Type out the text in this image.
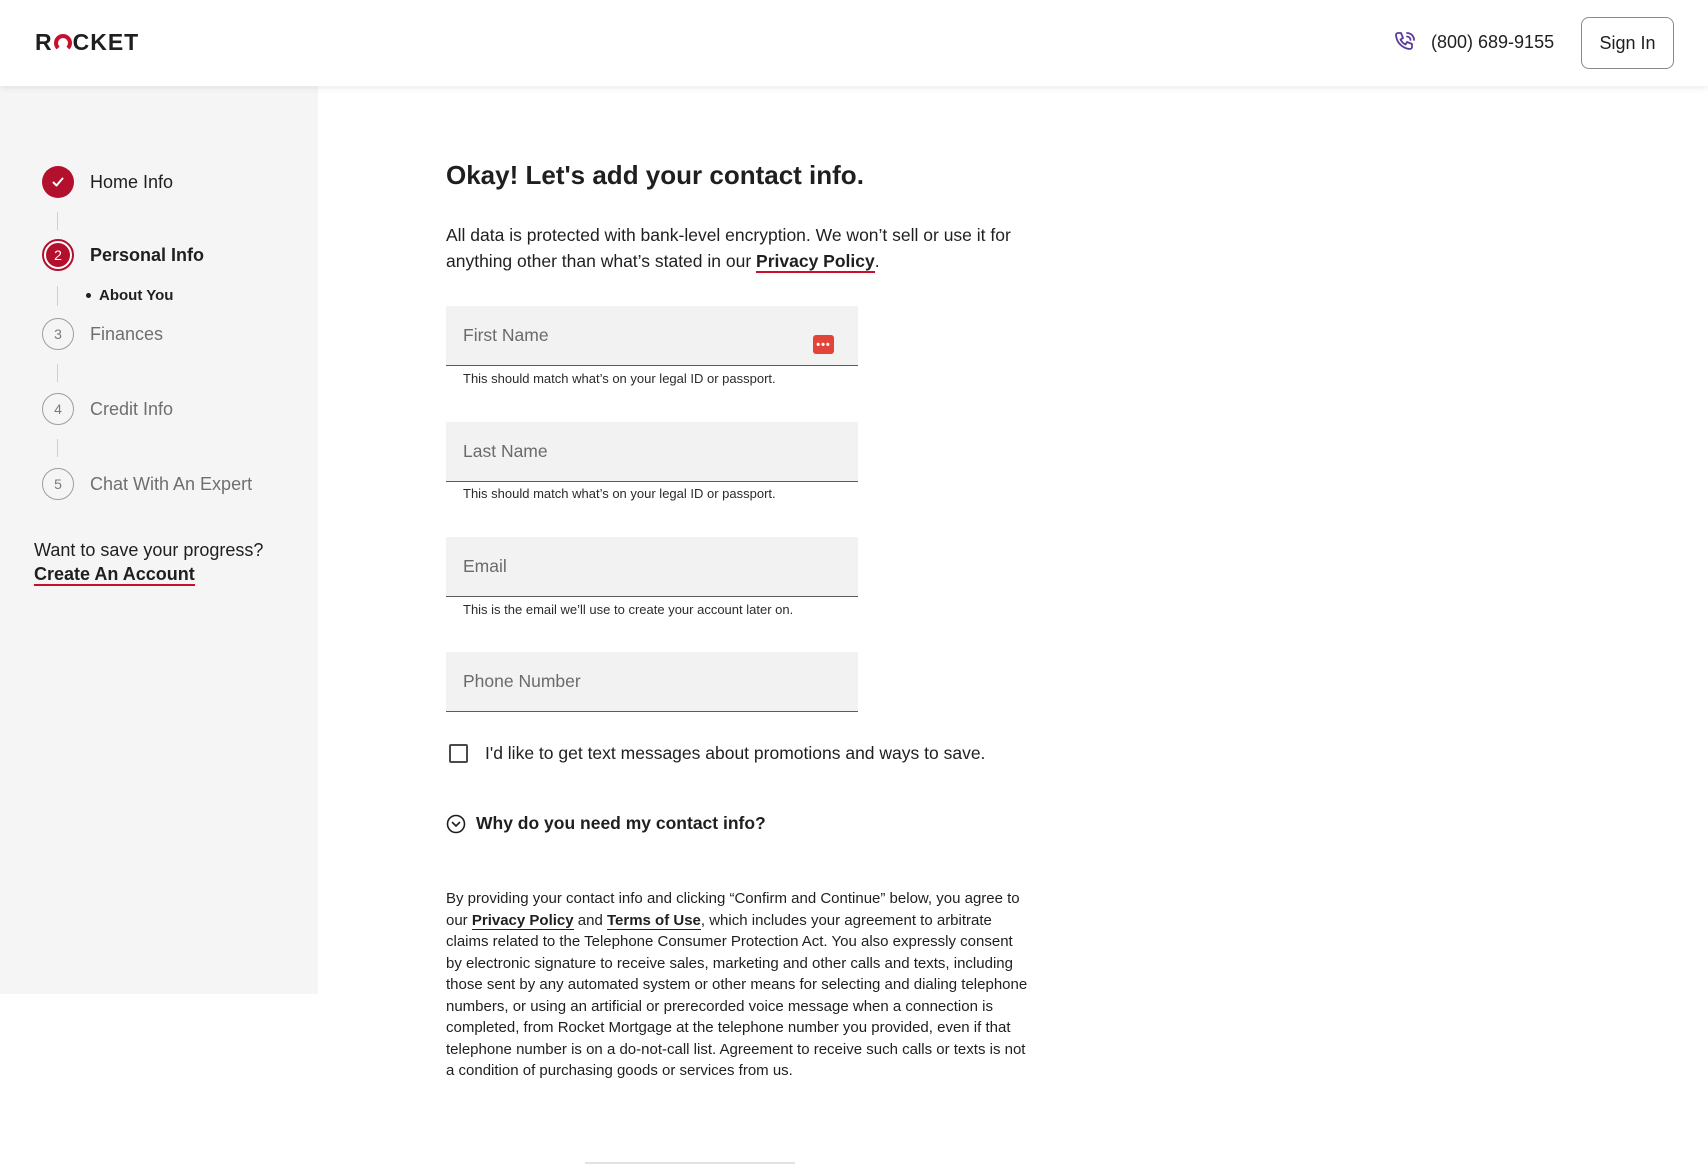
R CKET	(800) 689-9155	Sign In
Home Info
2	Personal Info
About You
3	Finances
4	Credit Info
5	Chat With An Expert
Want to save your progress?
Create An Account
Okay! Let's add your contact info.

All data is protected with bank-level encryption. We won’t sell or use it for anything other than what’s stated in our Privacy Policy.

First Name
•••
This should match what’s on your legal ID or passport.
Last Name
This should match what’s on your legal ID or passport.
Email
This is the email we’ll use to create your account later on.
Phone Number
I'd like to get text messages about promotions and ways to save.
Why do you need my contact info?

By providing your contact info and clicking “Confirm and Continue” below, you agree to our Privacy Policy and Terms of Use, which includes your agreement to arbitrate claims related to the Telephone Consumer Protection Act. You also expressly consent by electronic signature to receive sales, marketing and other calls and texts, including those sent by any automated system or other means for selecting and dialing telephone numbers, or using an artificial or prerecorded voice message when a connection is completed, from Rocket Mortgage at the telephone number you provided, even if that telephone number is on a do-not-call list. Agreement to receive such calls or texts is not a condition of purchasing goods or services from us.
